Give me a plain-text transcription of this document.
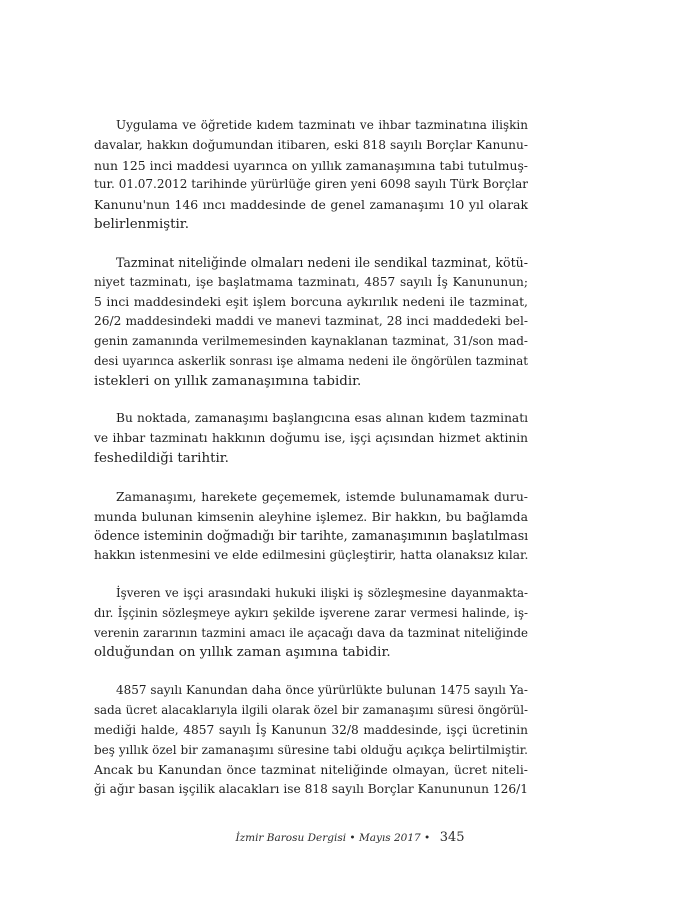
Uygulama ve öğretide kıdem tazminatı ve ihbar tazminatına ilişkin
davalar, hakkın doğumundan itibaren, eski 818 sayılı Borçlar Kanunu-
nun 125 inci maddesi uyarınca on yıllık zamanaşımına tabi tutulmuş-
tur. 01.07.2012 tarihinde yürürlüğe giren yeni 6098 sayılı Türk Borçlar
Kanunu'nun 146 ıncı maddesinde de genel zamanaşımı 10 yıl olarak
belirlenmiştir.
Tazminat niteliğinde olmaları nedeni ile sendikal tazminat, kötü-
niyet tazminatı, işe başlatmama tazminatı, 4857 sayılı İş Kanununun;
5 inci maddesindeki eşit işlem borcuna aykırılık nedeni ile tazminat,
26/2 maddesindeki maddi ve manevi tazminat, 28 inci maddedeki bel-
genin zamanında verilmemesinden kaynaklanan tazminat, 31/son mad-
desi uyarınca askerlik sonrası işe almama nedeni ile öngörülen tazminat
istekleri on yıllık zamanaşımına tabidir.
Bu noktada, zamanaşımı başlangıcına esas alınan kıdem tazminatı
ve ihbar tazminatı hakkının doğumu ise, işçi açısından hizmet aktinin
feshedildiği tarihtir.
Zamanaşımı, harekete geçememek, istemde bulunamamak duru-
munda bulunan kimsenin aleyhine işlemez. Bir hakkın, bu bağlamda
ödence isteminin doğmadığı bir tarihte, zamanaşımının başlatılması
hakkın istenmesini ve elde edilmesini güçleştirir, hatta olanaksız kılar.
İşveren ve işçi arasındaki hukuki ilişki iş sözleşmesine dayanmakta-
dır. İşçinin sözleşmeye aykırı şekilde işverene zarar vermesi halinde, iş-
verenin zararının tazmini amacı ile açacağı dava da tazminat niteliğinde
olduğundan on yıllık zaman aşımına tabidir.
4857 sayılı Kanundan daha önce yürürlükte bulunan 1475 sayılı Ya-
sada ücret alacaklarıyla ilgili olarak özel bir zamanaşımı süresi öngörül-
mediği halde, 4857 sayılı İş Kanunun 32/8 maddesinde, işçi ücretinin
beş yıllık özel bir zamanaşımı süresine tabi olduğu açıkça belirtilmiştir.
Ancak bu Kanundan önce tazminat niteliğinde olmayan, ücret niteli-
ği ağır basan işçilik alacakları ise 818 sayılı Borçlar Kanununun 126/1
İzmir Barosu Dergisi • Mayıs 2017 • 345
